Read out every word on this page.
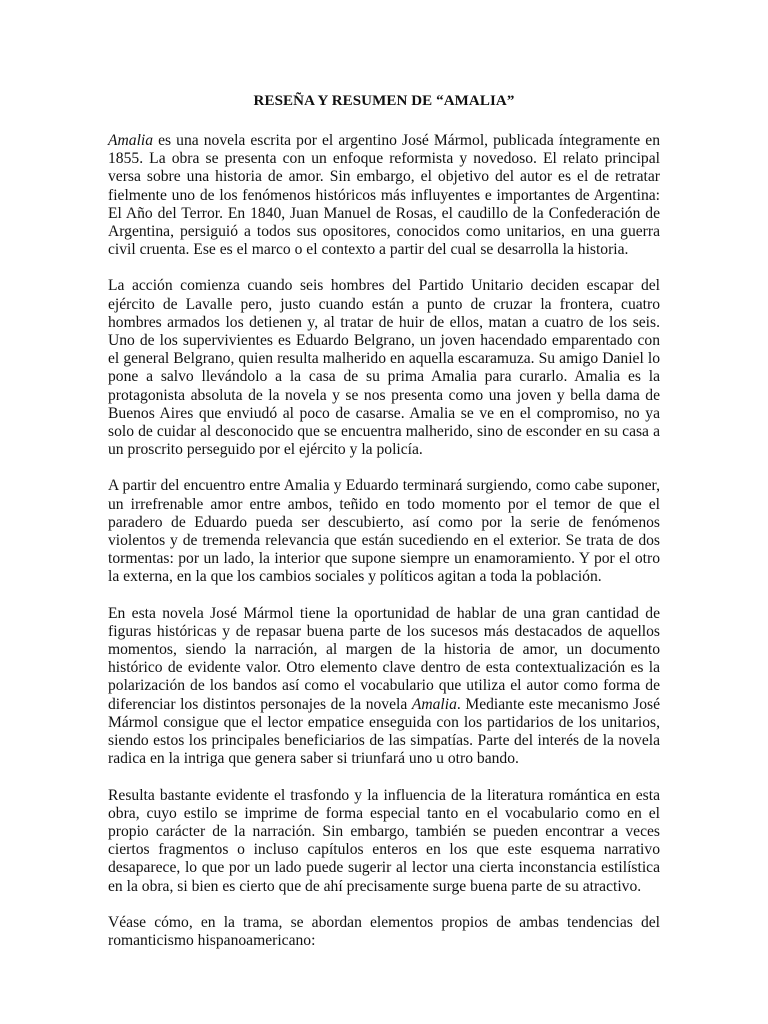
RESEÑA Y RESUMEN DE “AMALIA”

Amalia es una novela escrita por el argentino José Mármol, publicada íntegramente en 1855. La obra se presenta con un enfoque reformista y novedoso. El relato principal versa sobre una historia de amor. Sin embargo, el objetivo del autor es el de retratar fielmente uno de los fenómenos históricos más influyentes e importantes de Argentina: El Año del Terror. En 1840, Juan Manuel de Rosas, el caudillo de la Confederación de Argentina, persiguió a todos sus opositores, conocidos como unitarios, en una guerra civil cruenta. Ese es el marco o el contexto a partir del cual se desarrolla la historia.

La acción comienza cuando seis hombres del Partido Unitario deciden escapar del ejército de Lavalle pero, justo cuando están a punto de cruzar la frontera, cuatro hombres armados los detienen y, al tratar de huir de ellos, matan a cuatro de los seis. Uno de los supervivientes es Eduardo Belgrano, un joven hacendado emparentado con el general Belgrano, quien resulta malherido en aquella escaramuza. Su amigo Daniel lo pone a salvo llevándolo a la casa de su prima Amalia para curarlo. Amalia es la protagonista absoluta de la novela y se nos presenta como una joven y bella dama de Buenos Aires que enviudó al poco de casarse. Amalia se ve en el compromiso, no ya solo de cuidar al desconocido que se encuentra malherido, sino de esconder en su casa a un proscrito perseguido por el ejército y la policía.

A partir del encuentro entre Amalia y Eduardo terminará surgiendo, como cabe suponer, un irrefrenable amor entre ambos, teñido en todo momento por el temor de que el paradero de Eduardo pueda ser descubierto, así como por la serie de fenómenos violentos y de tremenda relevancia que están sucediendo en el exterior. Se trata de dos tormentas: por un lado, la interior que supone siempre un enamoramiento. Y por el otro la externa, en la que los cambios sociales y políticos agitan a toda la población.

En esta novela José Mármol tiene la oportunidad de hablar de una gran cantidad de figuras históricas y de repasar buena parte de los sucesos más destacados de aquellos momentos, siendo la narración, al margen de la historia de amor, un documento histórico de evidente valor. Otro elemento clave dentro de esta contextualización es la polarización de los bandos así como el vocabulario que utiliza el autor como forma de diferenciar los distintos personajes de la novela Amalia. Mediante este mecanismo José Mármol consigue que el lector empatice enseguida con los partidarios de los unitarios, siendo estos los principales beneficiarios de las simpatías. Parte del interés de la novela radica en la intriga que genera saber si triunfará uno u otro bando.

Resulta bastante evidente el trasfondo y la influencia de la literatura romántica en esta obra, cuyo estilo se imprime de forma especial tanto en el vocabulario como en el propio carácter de la narración. Sin embargo, también se pueden encontrar a veces ciertos fragmentos o incluso capítulos enteros en los que este esquema narrativo desaparece, lo que por un lado puede sugerir al lector una cierta inconstancia estilística en la obra, si bien es cierto que de ahí precisamente surge buena parte de su atractivo.

Véase cómo, en la trama, se abordan elementos propios de ambas tendencias del romanticismo hispanoamericano:
